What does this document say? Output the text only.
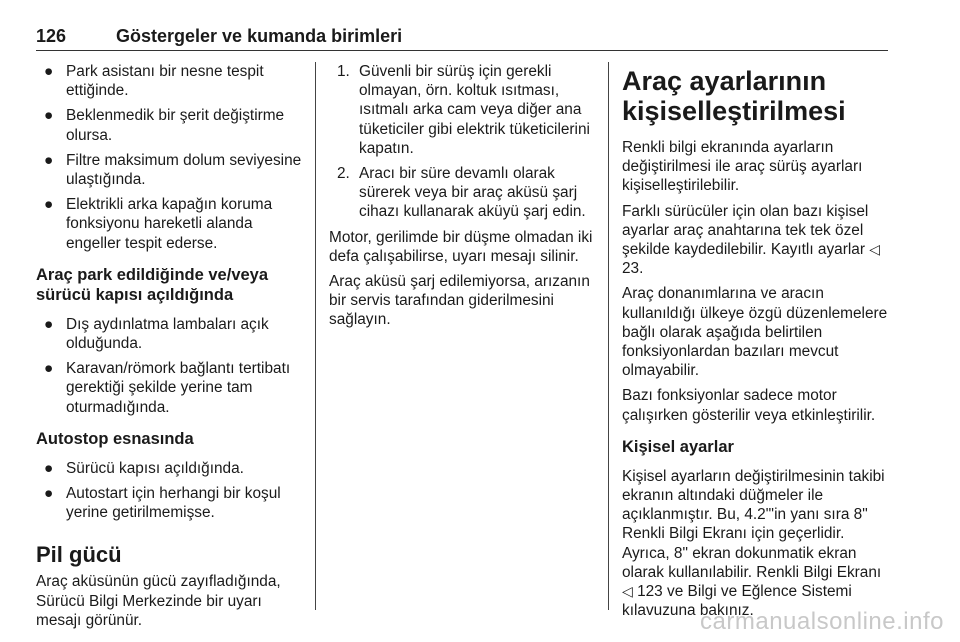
126	Göstergeler ve kumanda birimleri
● Park asistanı bir nesne tespit ettiğinde.
● Beklenmedik bir şerit değiştirme olursa.
● Filtre maksimum dolum seviyesine ulaştığında.
● Elektrikli arka kapağın koruma fonksiyonu hareketli alanda engeller tespit ederse.
Araç park edildiğinde ve/veya sürücü kapısı açıldığında
● Dış aydınlatma lambaları açık olduğunda.
● Karavan/römork bağlantı tertibatı gerektiği şekilde yerine tam oturmadığında.
Autostop esnasında
● Sürücü kapısı açıldığında.
● Autostart için herhangi bir koşul yerine getirilmemişse.
Pil gücü

Araç aküsünün gücü zayıfladığında, Sürücü Bilgi Merkezinde bir uyarı mesajı görünür.

1. Güvenli bir sürüş için gerekli olmayan, örn. koltuk ısıtması, ısıtmalı arka cam veya diğer ana tüketiciler gibi elektrik tüketicilerini kapatın.
2. Aracı bir süre devamlı olarak sürerek veya bir araç aküsü şarj cihazı kullanarak aküyü şarj edin.

Motor, gerilimde bir düşme olmadan iki defa çalışabilirse, uyarı mesajı silinir.

Araç aküsü şarj edilemiyorsa, arızanın bir servis tarafından giderilmesini sağlayın.

Araç ayarlarının kişiselleştirilmesi

Renkli bilgi ekranında ayarların değiştirilmesi ile araç sürüş ayarları kişiselleştirilebilir.

Farklı sürücüler için olan bazı kişisel ayarlar araç anahtarına tek tek özel şekilde kaydedilebilir. Kayıtlı ayarlar ◁ 23.

Araç donanımlarına ve aracın kullanıldığı ülkeye özgü düzenlemelere bağlı olarak aşağıda belirtilen fonksiyonlardan bazıları mevcut olmayabilir.

Bazı fonksiyonlar sadece motor çalışırken gösterilir veya etkinleştirilir.

Kişisel ayarlar

Kişisel ayarların değiştirilmesinin takibi ekranın altındaki düğmeler ile açıklanmıştır. Bu, 4.2"'in yanı sıra 8" Renkli Bilgi Ekranı için geçerlidir. Ayrıca, 8" ekran dokunmatik ekran olarak kullanılabilir. Renkli Bilgi Ekranı ◁ 123 ve Bilgi ve Eğlence Sistemi kılavuzuna bakınız.

carmanualsonline.info
